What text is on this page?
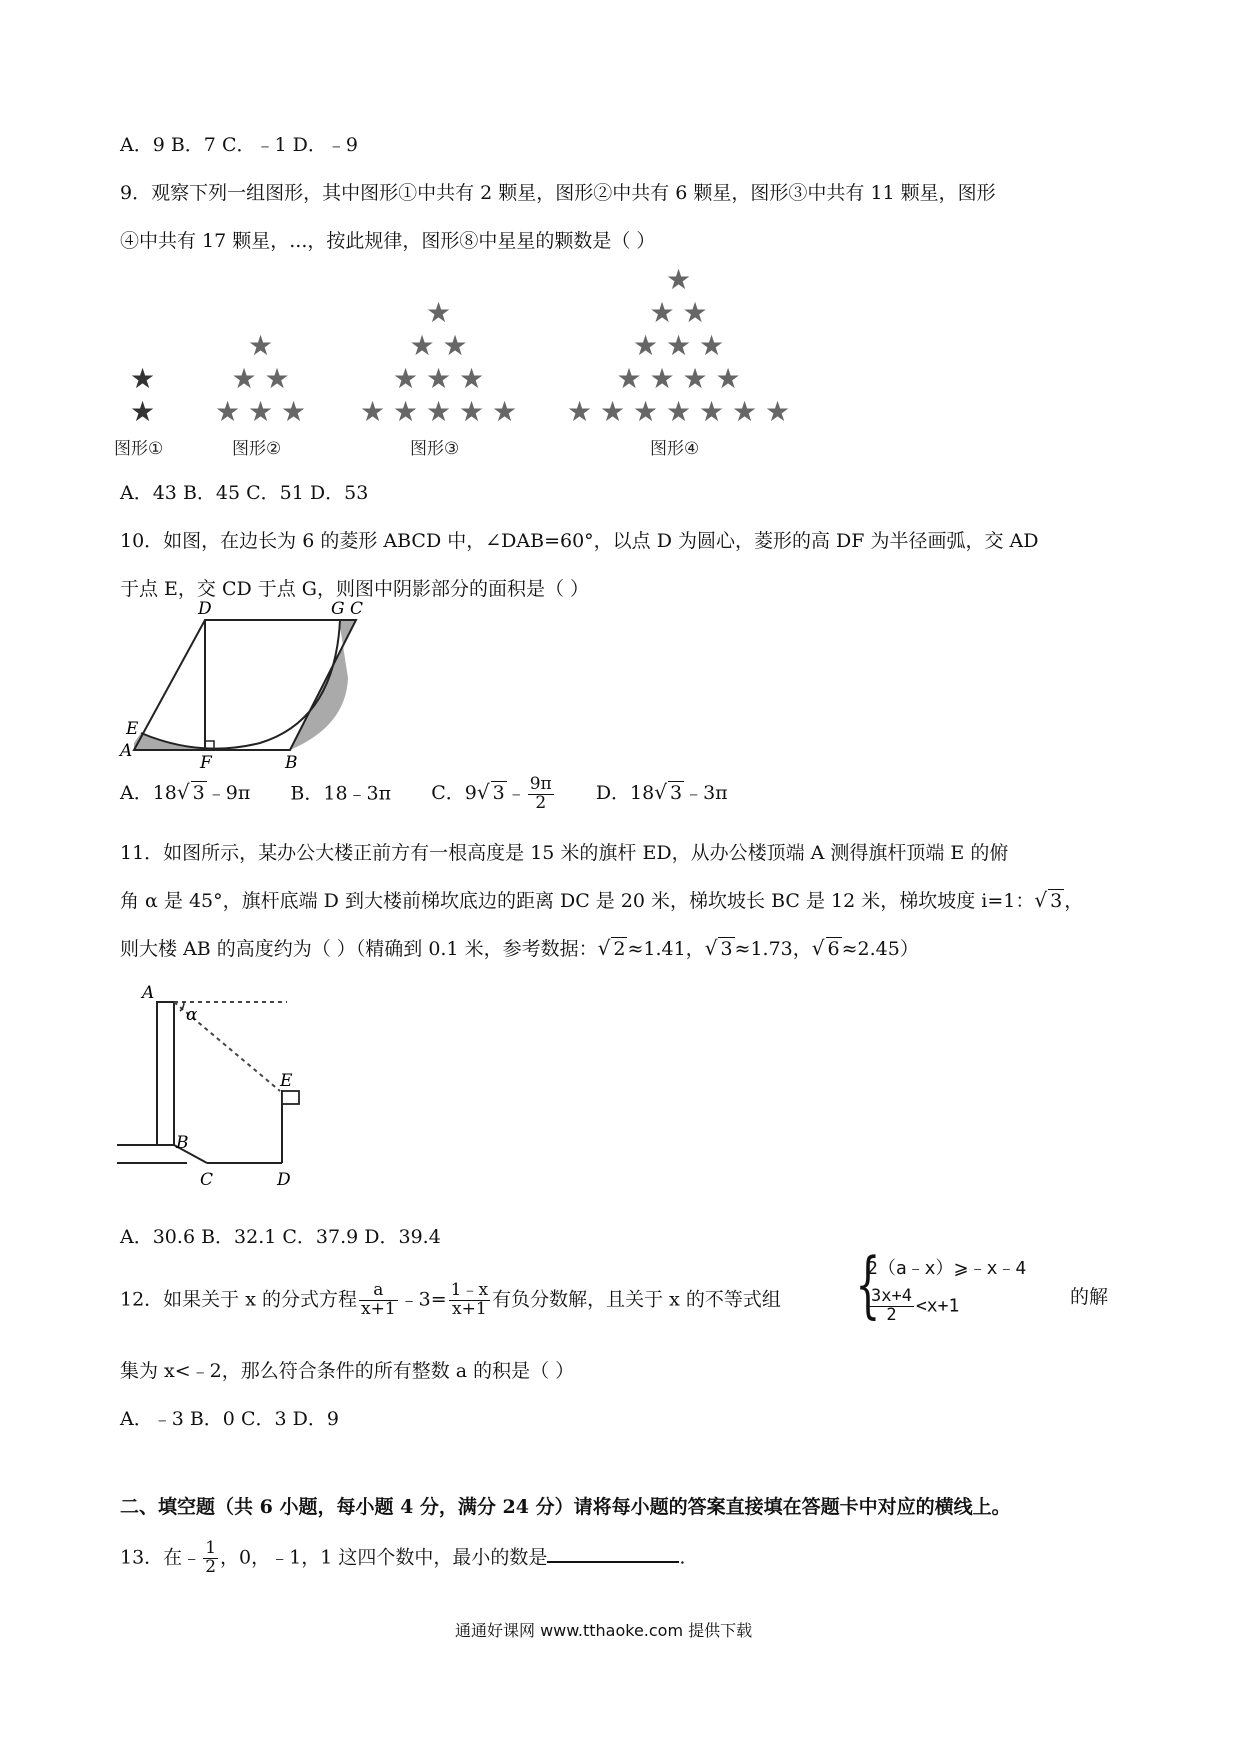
A．9 B．7 C．﹣1 D．﹣9
9．观察下列一组图形，其中图形①中共有 2 颗星，图形②中共有 6 颗星，图形③中共有 11 颗星，图形
④中共有 17 颗星，...，按此规律，图形⑧中星星的颗数是（ ）
★
★
图形①
★
★ ★
★ ★ ★
图形②
★
★ ★
★ ★ ★
★ ★ ★ ★ ★
图形③
★
★ ★
★ ★ ★
★ ★ ★ ★
★ ★ ★ ★ ★ ★ ★
图形④
A．43 B．45 C．51 D．53
10．如图，在边长为 6 的菱形 ABCD 中，∠DAB=60°，以点 D 为圆心，菱形的高 DF 为半径画弧，交 AD
于点 E，交 CD 于点 G，则图中阴影部分的面积是（ ）
D	G C
E
A
F	B
A．18√ 3 ﹣9π B．18﹣3π C．9√ 3 ﹣ $\frac{9\pi}{2}$ D．18√ 3 ﹣3π
11．如图所示，某办公大楼正前方有一根高度是 15 米的旗杆 ED，从办公楼顶端 A 测得旗杆顶端 E 的俯
角 α 是 45°，旗杆底端 D 到大楼前梯坎底边的距离 DC 是 20 米，梯坎坡长 BC 是 12 米，梯坎坡度 i=1：√ 3 ，
则大楼 AB 的高度约为（ ）（精确到 0.1 米，参考数据：√ 2 ≈1.41，√ 3 ≈1.73，√ 6 ≈2.45）
A
α
E
B
C	D
A．30.6 B．32.1 C．37.9 D．39.4
12．如果关于 x 的分式方程 $\frac{a}{x+1}$ ﹣3= $\frac{1﹣x}{x+1}$ 有负分数解，且关于 x 的不等式组 {
2（a﹣x）⩾﹣x﹣4
$\frac{3x+4}{2} <x+1$	的解
集为 x<﹣2，那么符合条件的所有整数 a 的积是（ ）
A．﹣3 B．0 C．3 D．9
二、填空题（共 6 小题，每小题 4 分，满分 24 分）请将每小题的答案直接填在答题卡中对应的横线上。
13．在﹣ $\frac{1}{2}$ ，0，﹣1，1 这四个数中，最小的数是	.
通通好课网 www.tthaoke.com 提供下载
